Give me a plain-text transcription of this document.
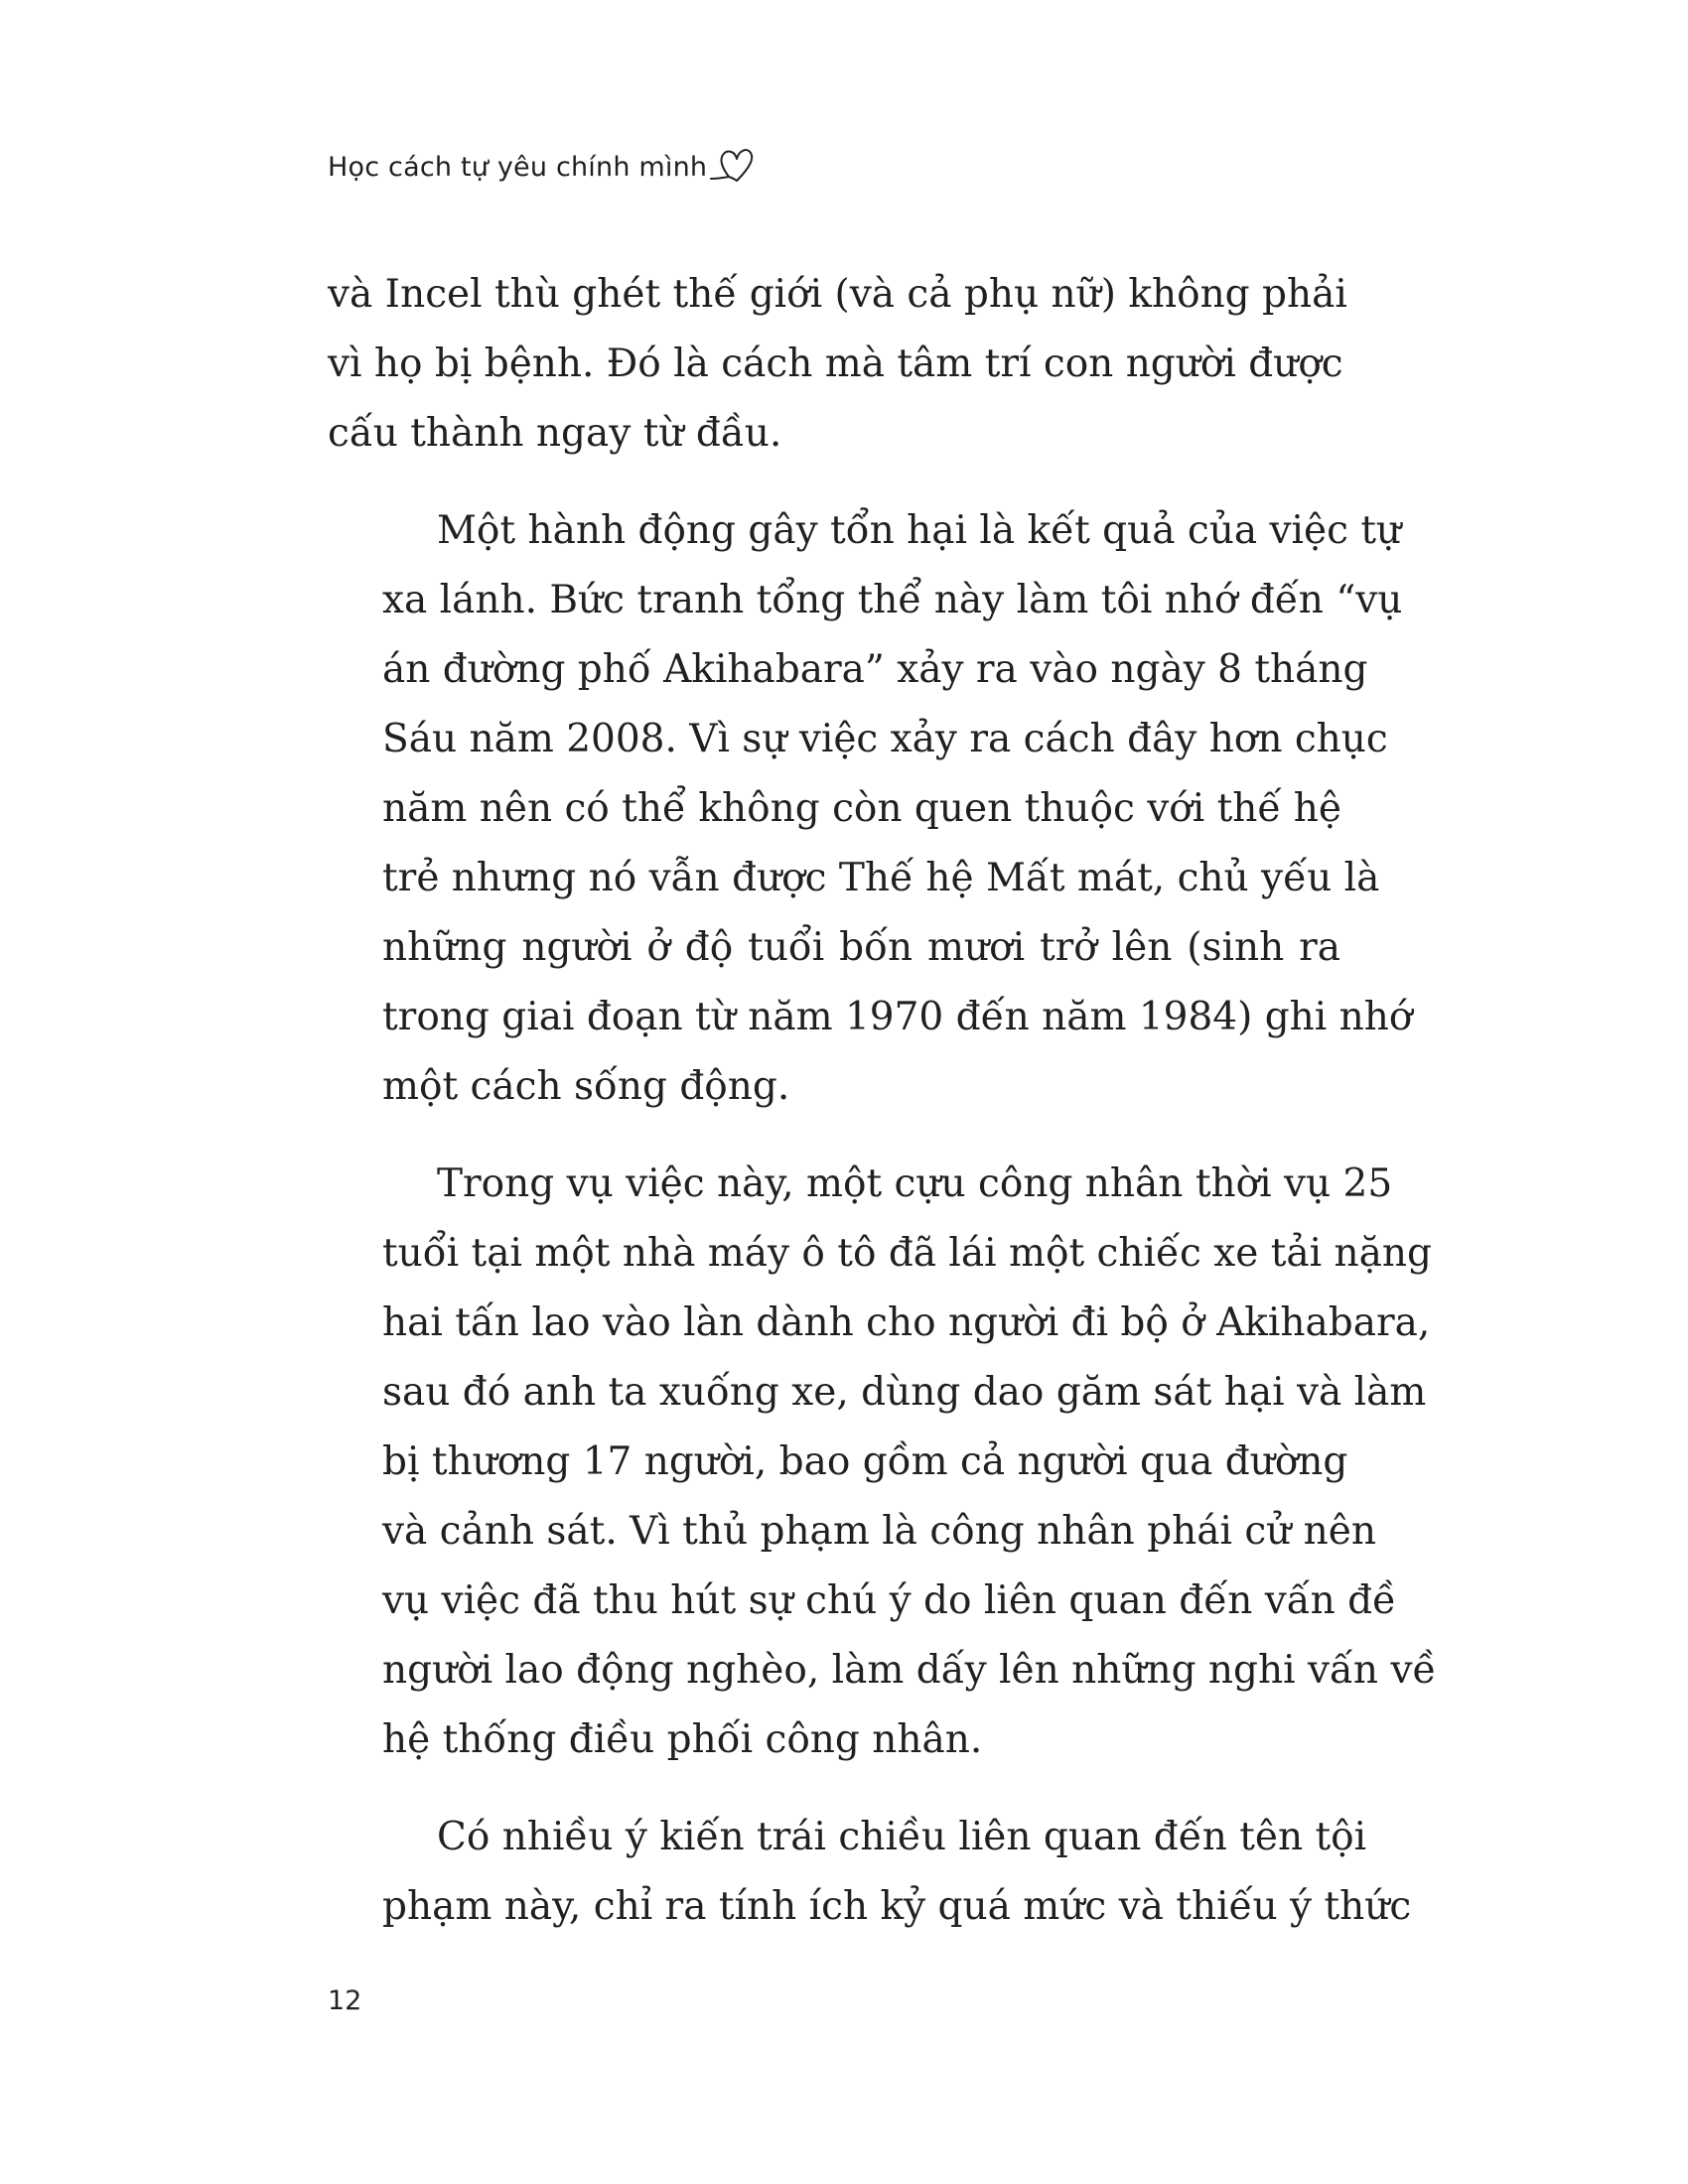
Học cách tự yêu chính mình

và Incel thù ghét thế giới (và cả phụ nữ) không phải
vì họ bị bệnh. Đó là cách mà tâm trí con người được
cấu thành ngay từ đầu.

Một hành động gây tổn hại là kết quả của việc tự
xa lánh. Bức tranh tổng thể này làm tôi nhớ đến “vụ
án đường phố Akihabara” xảy ra vào ngày 8 tháng
Sáu năm 2008. Vì sự việc xảy ra cách đây hơn chục
năm nên có thể không còn quen thuộc với thế hệ
trẻ nhưng nó vẫn được Thế hệ Mất mát, chủ yếu là
những người ở độ tuổi bốn mươi trở lên (sinh ra
trong giai đoạn từ năm 1970 đến năm 1984) ghi nhớ
một cách sống động.

Trong vụ việc này, một cựu công nhân thời vụ 25
tuổi tại một nhà máy ô tô đã lái một chiếc xe tải nặng
hai tấn lao vào làn dành cho người đi bộ ở Akihabara,
sau đó anh ta xuống xe, dùng dao găm sát hại và làm
bị thương 17 người, bao gồm cả người qua đường
và cảnh sát. Vì thủ phạm là công nhân phái cử nên
vụ việc đã thu hút sự chú ý do liên quan đến vấn đề
người lao động nghèo, làm dấy lên những nghi vấn về
hệ thống điều phối công nhân.

Có nhiều ý kiến trái chiều liên quan đến tên tội
phạm này, chỉ ra tính ích kỷ quá mức và thiếu ý thức

12
